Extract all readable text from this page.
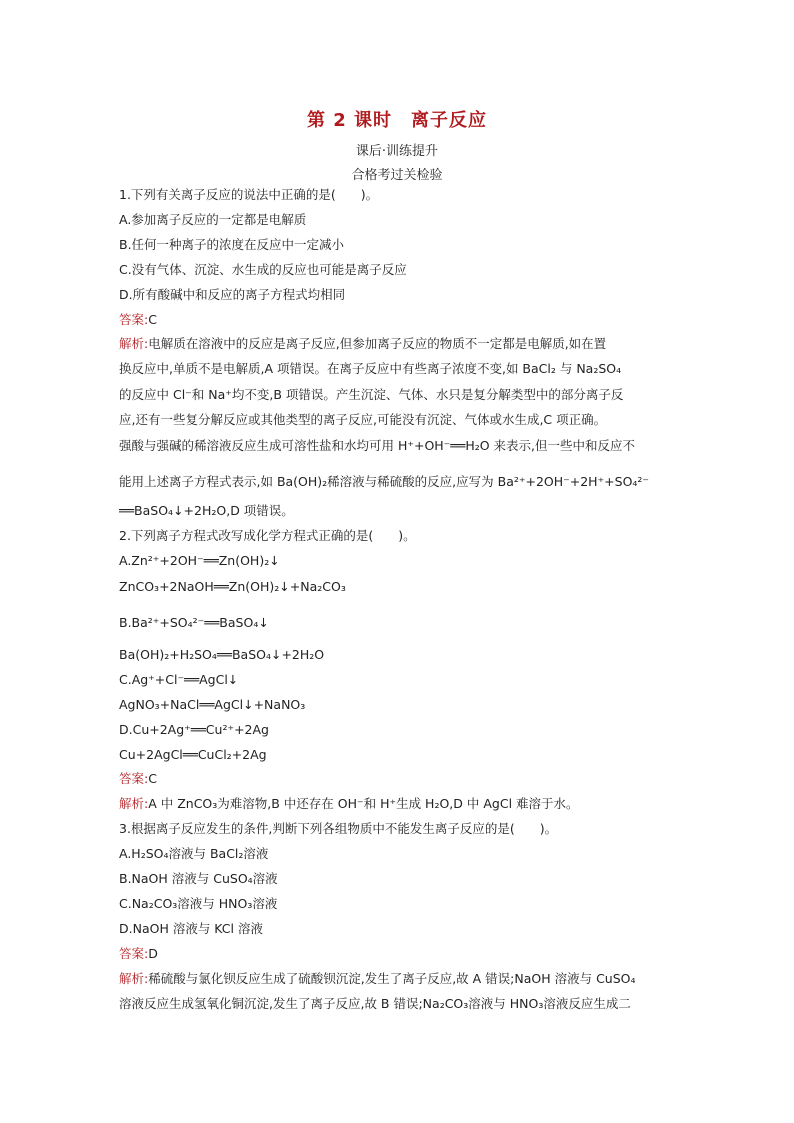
第 2 课时　离子反应
课后·训练提升
合格考过关检验
1.下列有关离子反应的说法中正确的是(　　)。
A.参加离子反应的一定都是电解质
B.任何一种离子的浓度在反应中一定减小
C.没有气体、沉淀、水生成的反应也可能是离子反应
D.所有酸碱中和反应的离子方程式均相同
答案:C
解析:电解质在溶液中的反应是离子反应,但参加离子反应的物质不一定都是电解质,如在置
换反应中,单质不是电解质,A 项错误。在离子反应中有些离子浓度不变,如 BaCl₂ 与 Na₂SO₄
的反应中 Cl⁻和 Na⁺均不变,B 项错误。产生沉淀、气体、水只是复分解类型中的部分离子反
应,还有一些复分解反应或其他类型的离子反应,可能没有沉淀、气体或水生成,C 项正确。
强酸与强碱的稀溶液反应生成可溶性盐和水均可用 H⁺+OH⁻══H₂O 来表示,但一些中和反应不
能用上述离子方程式表示,如 Ba(OH)₂稀溶液与稀硫酸的反应,应写为 Ba²⁺+2OH⁻+2H⁺+SO₄²⁻
══BaSO₄↓+2H₂O,D 项错误。
2.下列离子方程式改写成化学方程式正确的是(　　)。
A.Zn²⁺+2OH⁻══Zn(OH)₂↓
ZnCO₃+2NaOH══Zn(OH)₂↓+Na₂CO₃
B.Ba²⁺+SO₄²⁻══BaSO₄↓
Ba(OH)₂+H₂SO₄══BaSO₄↓+2H₂O
C.Ag⁺+Cl⁻══AgCl↓
AgNO₃+NaCl══AgCl↓+NaNO₃
D.Cu+2Ag⁺══Cu²⁺+2Ag
Cu+2AgCl══CuCl₂+2Ag
答案:C
解析:A 中 ZnCO₃为难溶物,B 中还存在 OH⁻和 H⁺生成 H₂O,D 中 AgCl 难溶于水。
3.根据离子反应发生的条件,判断下列各组物质中不能发生离子反应的是(　　)。
A.H₂SO₄溶液与 BaCl₂溶液
B.NaOH 溶液与 CuSO₄溶液
C.Na₂CO₃溶液与 HNO₃溶液
D.NaOH 溶液与 KCl 溶液
答案:D
解析:稀硫酸与氯化钡反应生成了硫酸钡沉淀,发生了离子反应,故 A 错误;NaOH 溶液与 CuSO₄
溶液反应生成氢氧化铜沉淀,发生了离子反应,故 B 错误;Na₂CO₃溶液与 HNO₃溶液反应生成二
